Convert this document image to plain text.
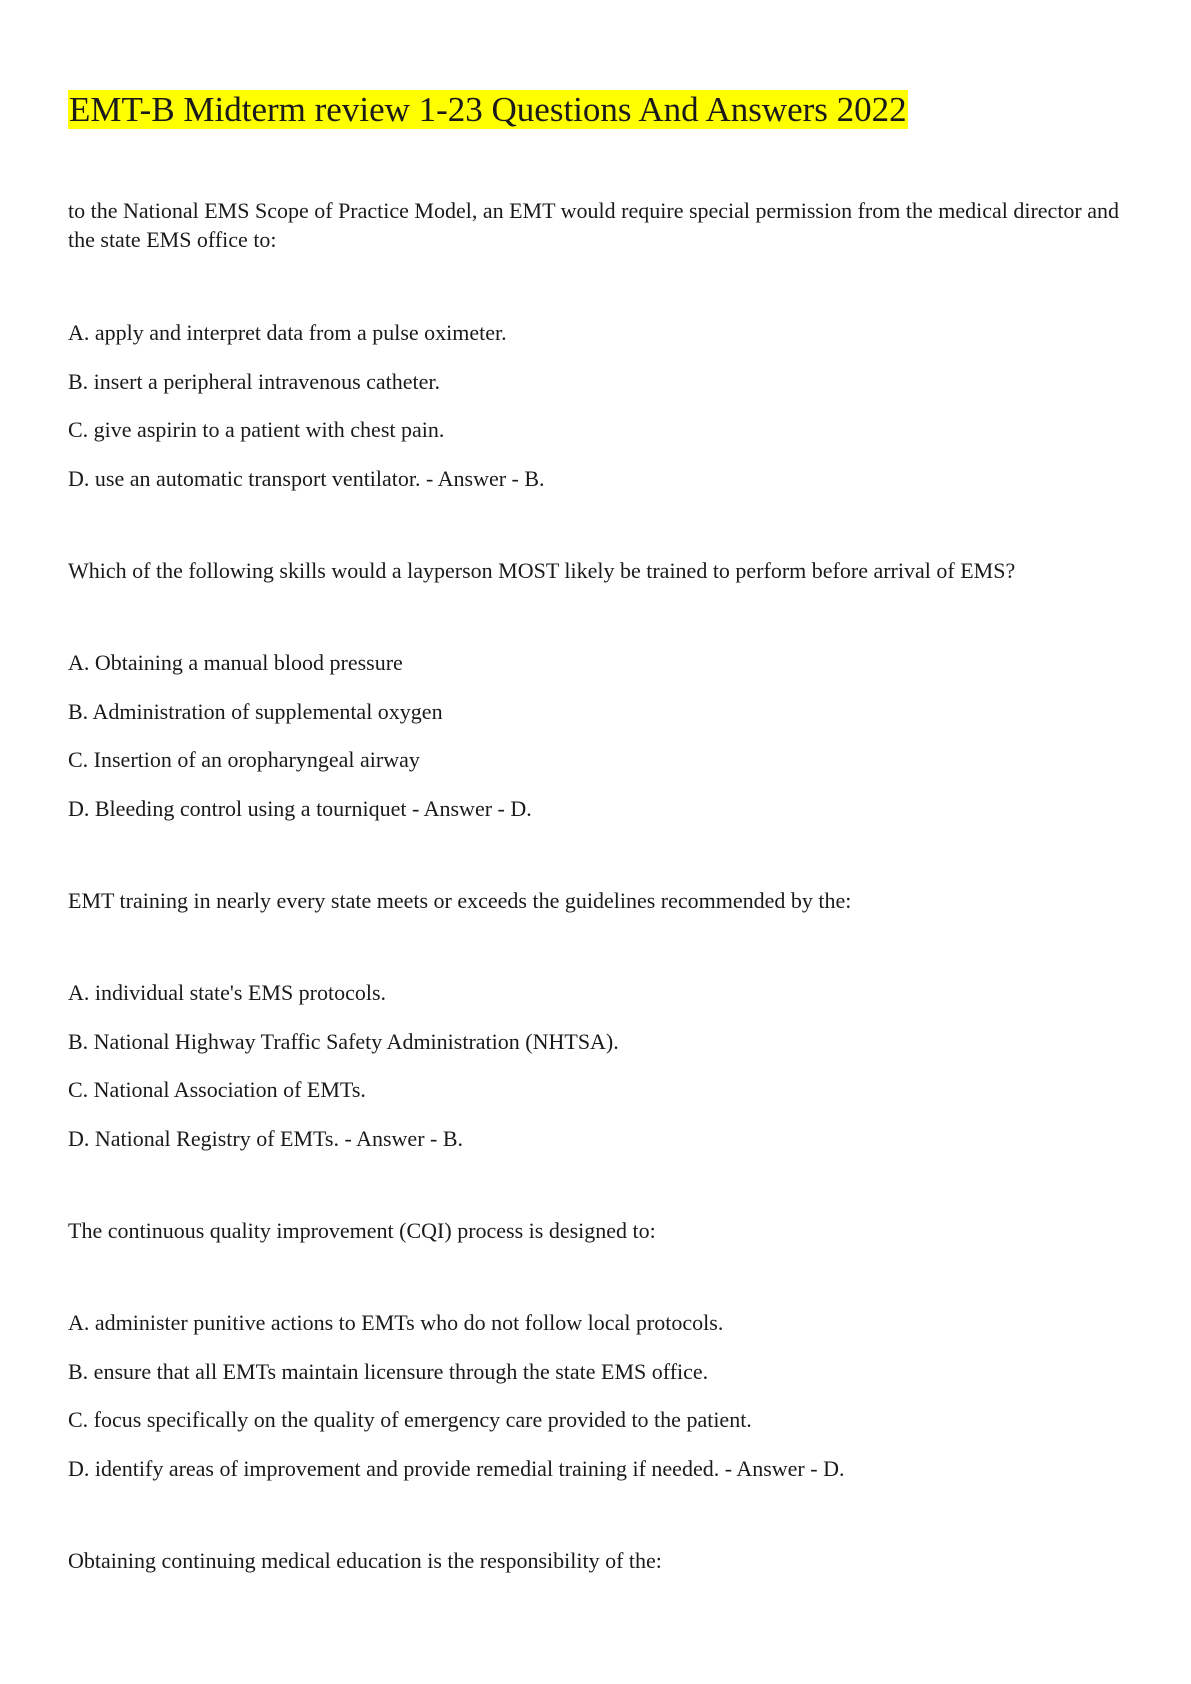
EMT-B Midterm review 1-23 Questions And Answers 2022

to the National EMS Scope of Practice Model, an EMT would require special permission from the medical director and the state EMS office to:

A. apply and interpret data from a pulse oximeter.

B. insert a peripheral intravenous catheter.

C. give aspirin to a patient with chest pain.

D. use an automatic transport ventilator. - Answer - B.

Which of the following skills would a layperson MOST likely be trained to perform before arrival of EMS?

A. Obtaining a manual blood pressure

B. Administration of supplemental oxygen

C. Insertion of an oropharyngeal airway

D. Bleeding control using a tourniquet - Answer - D.

EMT training in nearly every state meets or exceeds the guidelines recommended by the:

A. individual state's EMS protocols.

B. National Highway Traffic Safety Administration (NHTSA).

C. National Association of EMTs.

D. National Registry of EMTs. - Answer - B.

The continuous quality improvement (CQI) process is designed to:

A. administer punitive actions to EMTs who do not follow local protocols.

B. ensure that all EMTs maintain licensure through the state EMS office.

C. focus specifically on the quality of emergency care provided to the patient.

D. identify areas of improvement and provide remedial training if needed. - Answer - D.

Obtaining continuing medical education is the responsibility of the:
